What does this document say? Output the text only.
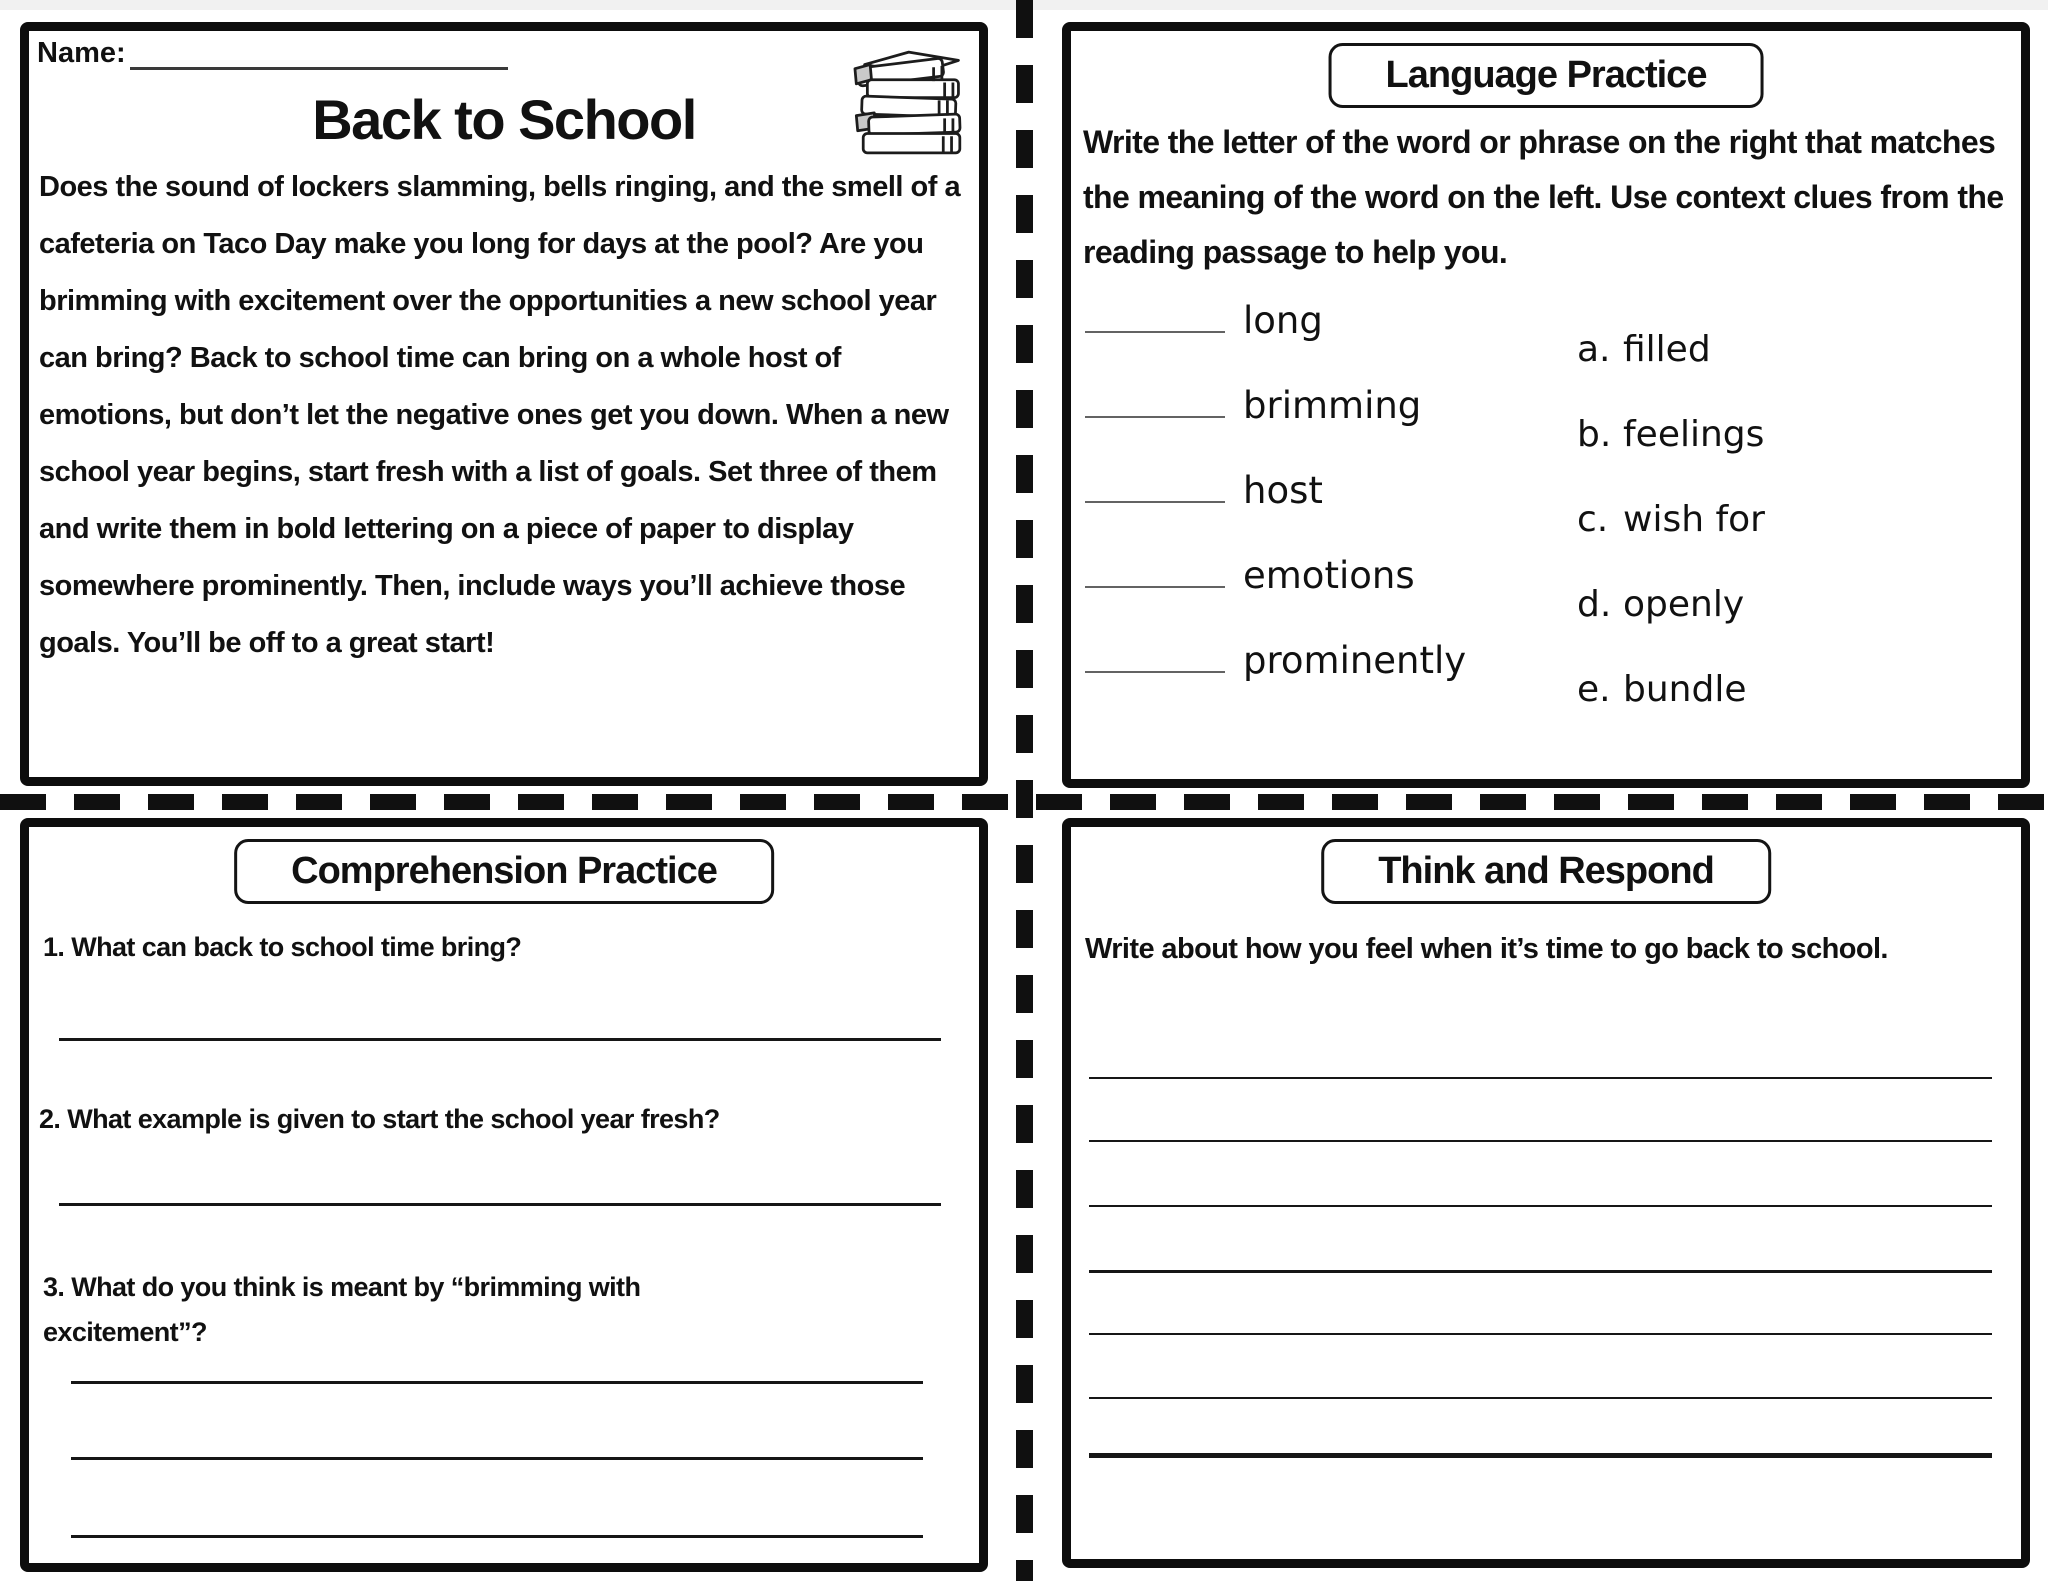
Name:
Back to School
Does the sound of lockers slamming, bells ringing, and the smell of a cafeteria on Taco Day make you long for days at the pool? Are you brimming with excitement over the opportunities a new school year can bring? Back to school time can bring on a whole host of emotions, but don’t let the negative ones get you down. When a new school year begins, start fresh with a list of goals. Set three of them and write them in bold lettering on a piece of paper to display somewhere prominently. Then, include ways you’ll achieve those goals. You’ll be off to a great start!
Language Practice
Write the letter of the word or phrase on the right that matches the meaning of the word on the left. Use context clues from the reading passage to help you.
long
a. filled
brimming
b. feelings
host
c. wish for
emotions
d. openly
prominently
e. bundle
Comprehension Practice
1. What can back to school time bring?
2. What example is given to start the school year fresh?
3. What do you think is meant by “brimming with excitement”?
Think and Respond
Write about how you feel when it’s time to go back to school.
